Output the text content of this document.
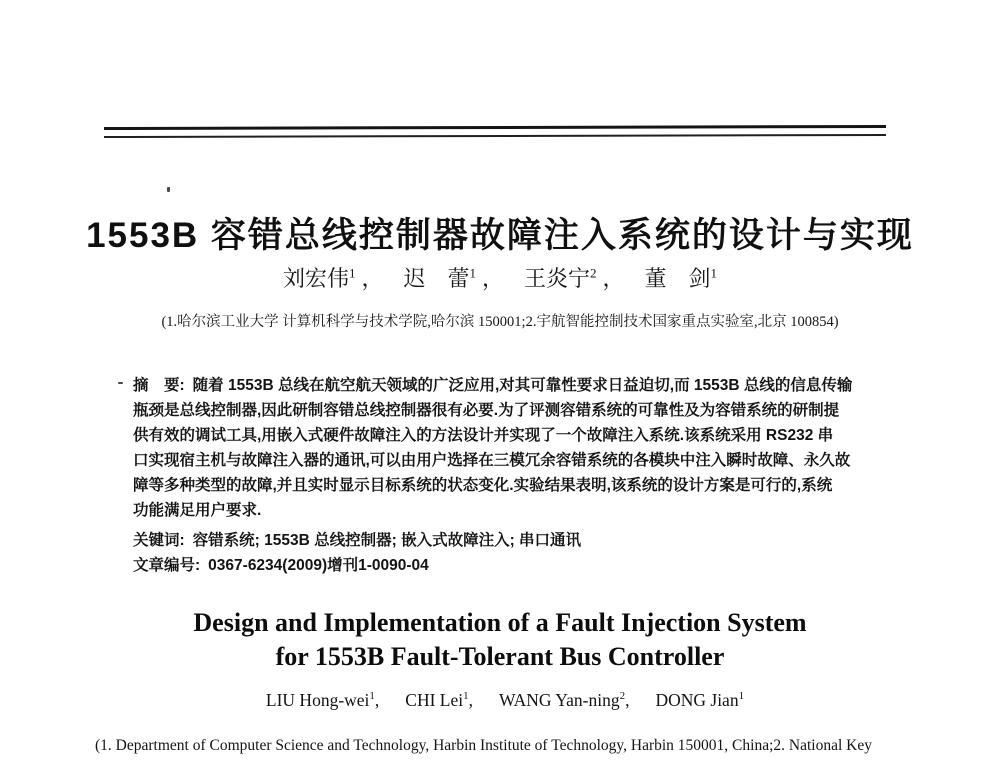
1553B 容错总线控制器故障注入系统的设计与实现
刘宏伟$^1$ ， 迟　蕾$^1$ ， 王炎宁$^2$ ， 董　剑$^1$
(1.哈尔滨工业大学 计算机科学与技术学院,哈尔滨 150001;2.宇航智能控制技术国家重点实验室,北京 100854)
摘　要: 随着 1553B 总线在航空航天领域的广泛应用,对其可靠性要求日益迫切,而 1553B 总线的信息传输
瓶颈是总线控制器,因此研制容错总线控制器很有必要.为了评测容错系统的可靠性及为容错系统的研制提
供有效的调试工具,用嵌入式硬件故障注入的方法设计并实现了一个故障注入系统.该系统采用 RS232 串
口实现宿主机与故障注入器的通讯,可以由用户选择在三模冗余容错系统的各模块中注入瞬时故障、永久故
障等多种类型的故障,并且实时显示目标系统的状态变化.实验结果表明,该系统的设计方案是可行的,系统
功能满足用户要求.
关键词: 容错系统; 1553B 总线控制器; 嵌入式故障注入; 串口通讯
文章编号: 0367-6234(2009)增刊1-0090-04
Design and Implementation of a Fault Injection System
for 1553B Fault-Tolerant Bus Controller
LIU Hong-wei$^1$, CHI Lei$^1$, WANG Yan-ning$^2$, DONG Jian$^1$
(1. Department of Computer Science and Technology, Harbin Institute of Technology, Harbin 150001, China;2. National Key
